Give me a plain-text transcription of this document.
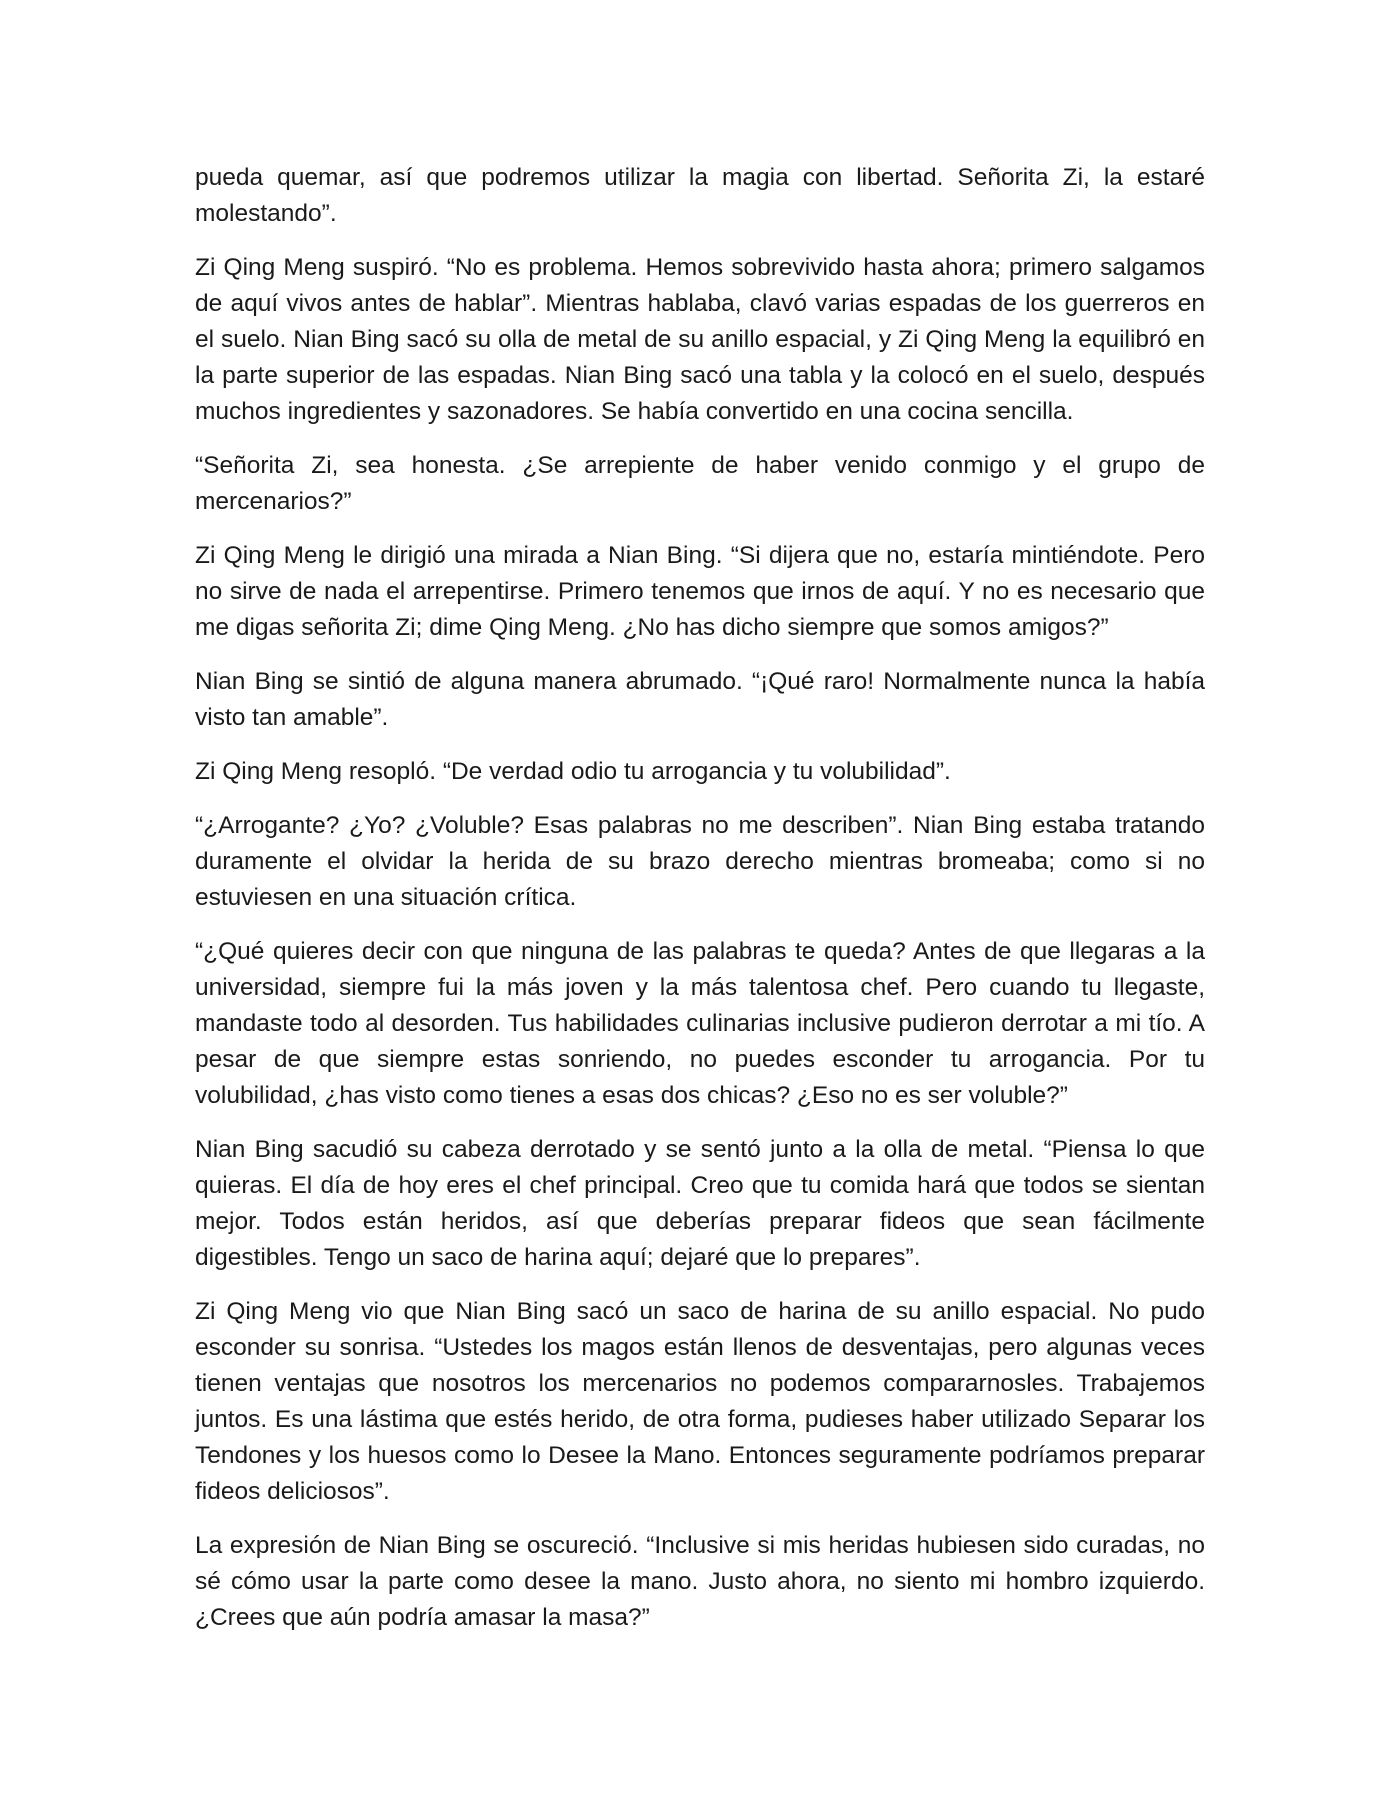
pueda quemar, así que podremos utilizar la magia con libertad. Señorita Zi, la estaré molestando”.

Zi Qing Meng suspiró. “No es problema. Hemos sobrevivido hasta ahora; primero salgamos de aquí vivos antes de hablar”. Mientras hablaba, clavó varias espadas de los guerreros en el suelo. Nian Bing sacó su olla de metal de su anillo espacial, y Zi Qing Meng la equilibró en la parte superior de las espadas. Nian Bing sacó una tabla y la colocó en el suelo, después muchos ingredientes y sazonadores. Se había convertido en una cocina sencilla.

“Señorita Zi, sea honesta. ¿Se arrepiente de haber venido conmigo y el grupo de mercenarios?”

Zi Qing Meng le dirigió una mirada a Nian Bing. “Si dijera que no, estaría mintiéndote. Pero no sirve de nada el arrepentirse. Primero tenemos que irnos de aquí. Y no es necesario que me digas señorita Zi; dime Qing Meng. ¿No has dicho siempre que somos amigos?”

Nian Bing se sintió de alguna manera abrumado. “¡Qué raro! Normalmente nunca la había visto tan amable”.

Zi Qing Meng resopló. “De verdad odio tu arrogancia y tu volubilidad”.

“¿Arrogante? ¿Yo? ¿Voluble? Esas palabras no me describen”. Nian Bing estaba tratando duramente el olvidar la herida de su brazo derecho mientras bromeaba; como si no estuviesen en una situación crítica.

“¿Qué quieres decir con que ninguna de las palabras te queda? Antes de que llegaras a la universidad, siempre fui la más joven y la más talentosa chef. Pero cuando tu llegaste, mandaste todo al desorden. Tus habilidades culinarias inclusive pudieron derrotar a mi tío. A pesar de que siempre estas sonriendo, no puedes esconder tu arrogancia. Por tu volubilidad, ¿has visto como tienes a esas dos chicas? ¿Eso no es ser voluble?”

Nian Bing sacudió su cabeza derrotado y se sentó junto a la olla de metal. “Piensa lo que quieras. El día de hoy eres el chef principal. Creo que tu comida hará que todos se sientan mejor. Todos están heridos, así que deberías preparar fideos que sean fácilmente digestibles. Tengo un saco de harina aquí; dejaré que lo prepares”.

Zi Qing Meng vio que Nian Bing sacó un saco de harina de su anillo espacial. No pudo esconder su sonrisa. “Ustedes los magos están llenos de desventajas, pero algunas veces tienen ventajas que nosotros los mercenarios no podemos compararnosles. Trabajemos juntos. Es una lástima que estés herido, de otra forma, pudieses haber utilizado Separar los Tendones y los huesos como lo Desee la Mano. Entonces seguramente podríamos preparar fideos deliciosos”.

La expresión de Nian Bing se oscureció. “Inclusive si mis heridas hubiesen sido curadas, no sé cómo usar la parte como desee la mano. Justo ahora, no siento mi hombro izquierdo. ¿Crees que aún podría amasar la masa?”
